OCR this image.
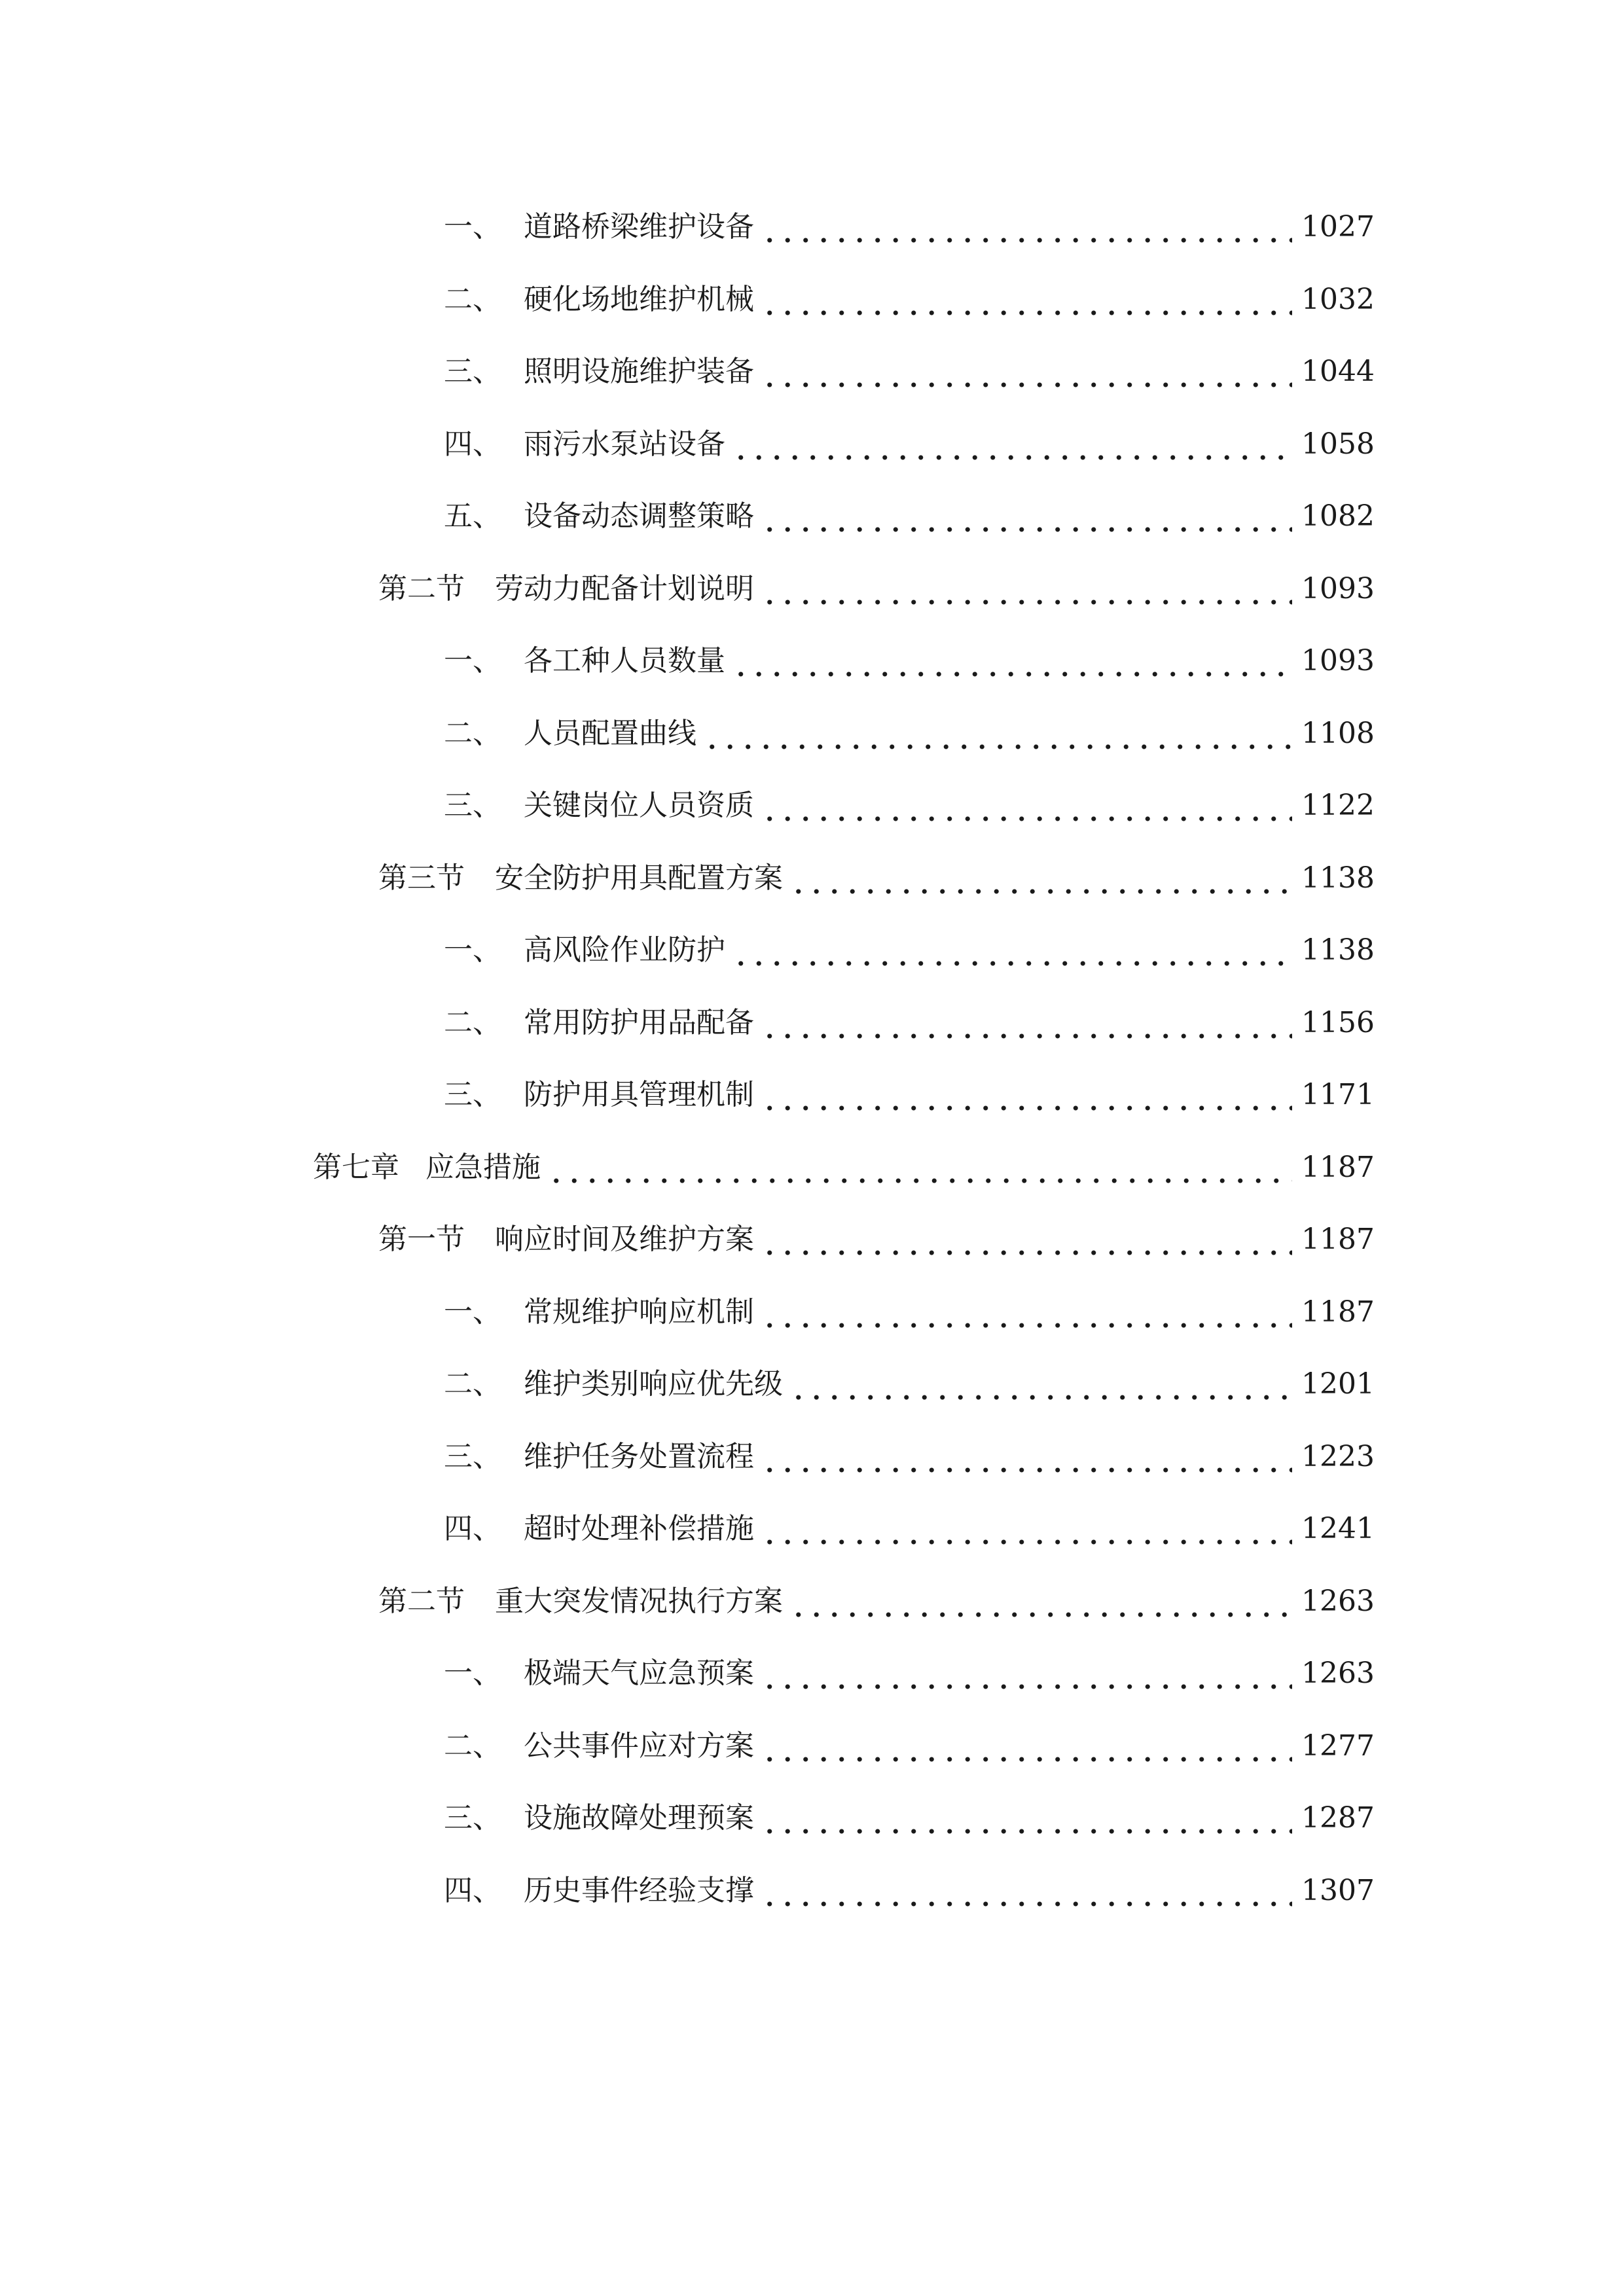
一、 道路桥梁维护设备	1027
二、 硬化场地维护机械	1032
三、 照明设施维护装备	1044
四、 雨污水泵站设备	1058
五、 设备动态调整策略	1082
第二节 劳动力配备计划说明	1093
一、 各工种人员数量	1093
二、 人员配置曲线	1108
三、 关键岗位人员资质	1122
第三节 安全防护用具配置方案	1138
一、 高风险作业防护	1138
二、 常用防护用品配备	1156
三、 防护用具管理机制	1171
第七章 应急措施	1187
第一节 响应时间及维护方案	1187
一、 常规维护响应机制	1187
二、 维护类别响应优先级	1201
三、 维护任务处置流程	1223
四、 超时处理补偿措施	1241
第二节 重大突发情况执行方案	1263
一、 极端天气应急预案	1263
二、 公共事件应对方案	1277
三、 设施故障处理预案	1287
四、 历史事件经验支撑	1307
